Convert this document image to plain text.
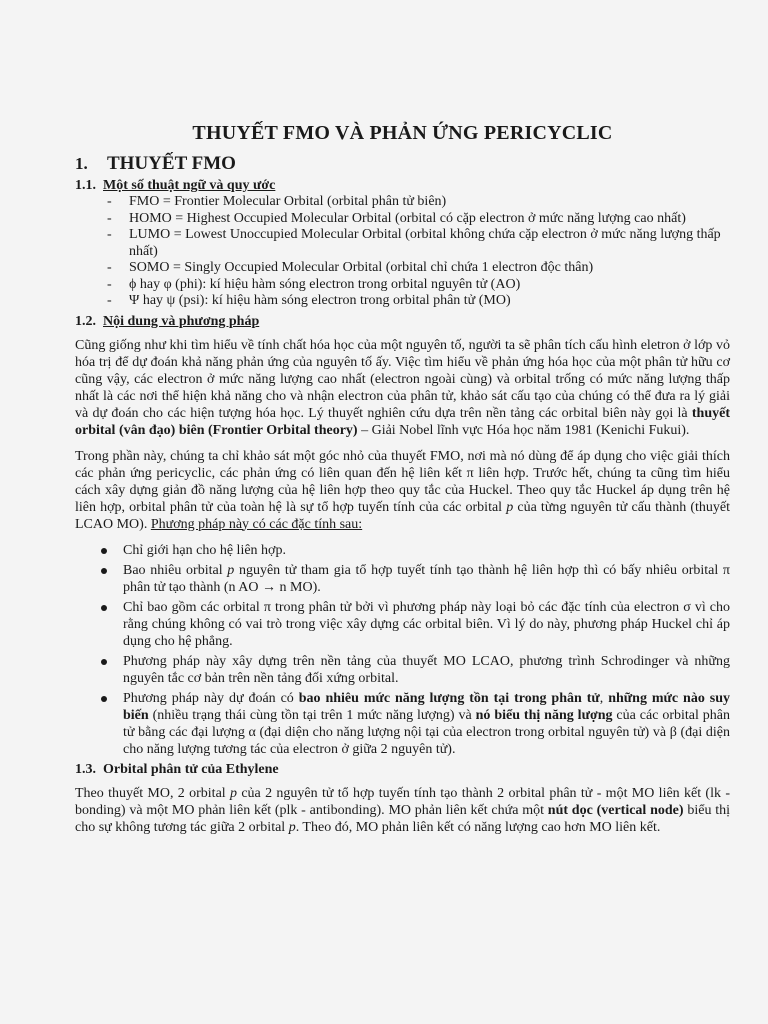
THUYẾT FMO VÀ PHẢN ỨNG PERICYCLIC
1. THUYẾT FMO
1.1. Một số thuật ngữ và quy ước
- FMO = Frontier Molecular Orbital (orbital phân tử biên)
- HOMO = Highest Occupied Molecular Orbital (orbital có cặp electron ở mức năng lượng cao nhất)
- LUMO = Lowest Unoccupied Molecular Orbital (orbital không chứa cặp electron ở mức năng lượng thấp nhất)
- SOMO = Singly Occupied Molecular Orbital (orbital chỉ chứa 1 electron độc thân)
- ϕ hay φ (phi): kí hiệu hàm sóng electron trong orbital nguyên tử (AO)
- Ψ hay ψ (psi): kí hiệu hàm sóng electron trong orbital phân tử (MO)
1.2. Nội dung và phương pháp

Cũng giống như khi tìm hiểu về tính chất hóa học của một nguyên tố, người ta sẽ phân tích cấu hình eletron ở lớp vỏ hóa trị để dự đoán khả năng phản ứng của nguyên tố ấy. Việc tìm hiểu về phản ứng hóa học của một phân tử hữu cơ cũng vậy, các electron ở mức năng lượng cao nhất (electron ngoài cùng) và orbital trống có mức năng lượng thấp nhất là các nơi thể hiện khả năng cho và nhận electron của phân tử, khảo sát cấu tạo của chúng có thể đưa ra lý giải và dự đoán cho các hiện tượng hóa học. Lý thuyết nghiên cứu dựa trên nền tảng các orbital biên này gọi là thuyết orbital (vân đạo) biên (Frontier Orbital theory) – Giải Nobel lĩnh vực Hóa học năm 1981 (Kenichi Fukui).

Trong phần này, chúng ta chỉ khảo sát một góc nhỏ của thuyết FMO, nơi mà nó dùng để áp dụng cho việc giải thích các phản ứng pericyclic, các phản ứng có liên quan đến hệ liên kết π liên hợp. Trước hết, chúng ta cũng tìm hiểu cách xây dựng giản đồ năng lượng của hệ liên hợp theo quy tắc của Huckel. Theo quy tắc Huckel áp dụng trên hệ liên hợp, orbital phân tử của toàn hệ là sự tổ hợp tuyến tính của các orbital p của từng nguyên tử cấu thành (thuyết LCAO MO). Phương pháp này có các đặc tính sau:

Chỉ giới hạn cho hệ liên hợp.
Bao nhiêu orbital p nguyên tử tham gia tổ hợp tuyết tính tạo thành hệ liên hợp thì có bấy nhiêu orbital π phân tử tạo thành (n AO → n MO).
Chỉ bao gồm các orbital π trong phân tử bởi vì phương pháp này loại bỏ các đặc tính của electron σ vì cho rằng chúng không có vai trò trong việc xây dựng các orbital biên. Vì lý do này, phương pháp Huckel chỉ áp dụng cho hệ phẳng.
Phương pháp này xây dựng trên nền tảng của thuyết MO LCAO, phương trình Schrodinger và những nguyên tắc cơ bản trên nền tảng đối xứng orbital.
Phương pháp này dự đoán có bao nhiêu mức năng lượng tồn tại trong phân tử, những mức nào suy biến (nhiều trạng thái cùng tồn tại trên 1 mức năng lượng) và nó biểu thị năng lượng của các orbital phân tử bằng các đại lượng α (đại diện cho năng lượng nội tại của electron trong orbital nguyên tử) và β (đại diện cho năng lượng tương tác của electron ở giữa 2 nguyên tử).
1.3. Orbital phân tử của Ethylene

Theo thuyết MO, 2 orbital p của 2 nguyên tử tổ hợp tuyến tính tạo thành 2 orbital phân tử - một MO liên kết (lk - bonding) và một MO phản liên kết (plk - antibonding). MO phản liên kết chứa một nút dọc (vertical node) biểu thị cho sự không tương tác giữa 2 orbital p. Theo đó, MO phản liên kết có năng lượng cao hơn MO liên kết.
